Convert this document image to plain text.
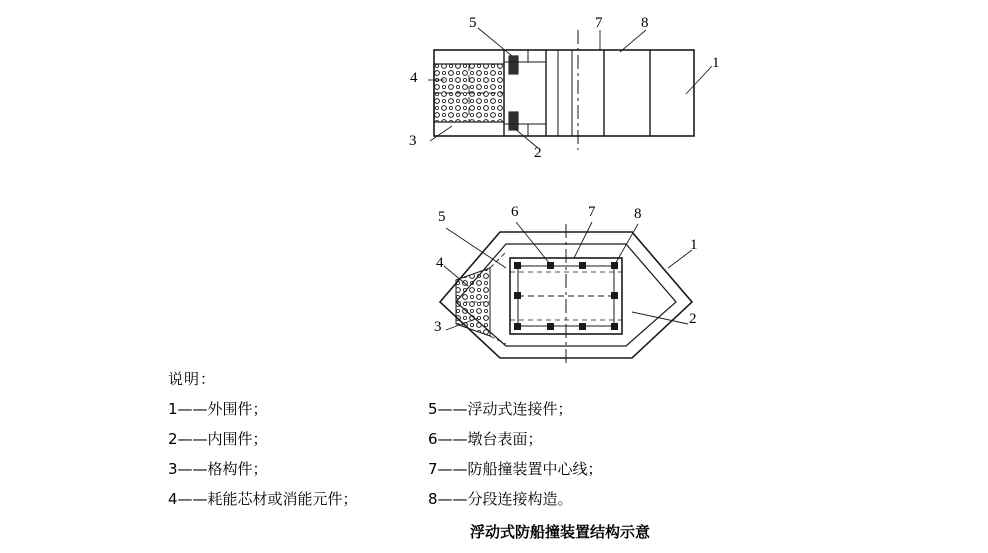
5	7	8
1
4
3
2
5	6	7	8
1
4
3	2
说明：
1——外围件；
2——内围件；
3——格构件；
4——耗能芯材或消能元件；
5——浮动式连接件；
6——墩台表面；
7——防船撞装置中心线；
8——分段连接构造。
浮动式防船撞装置结构示意
